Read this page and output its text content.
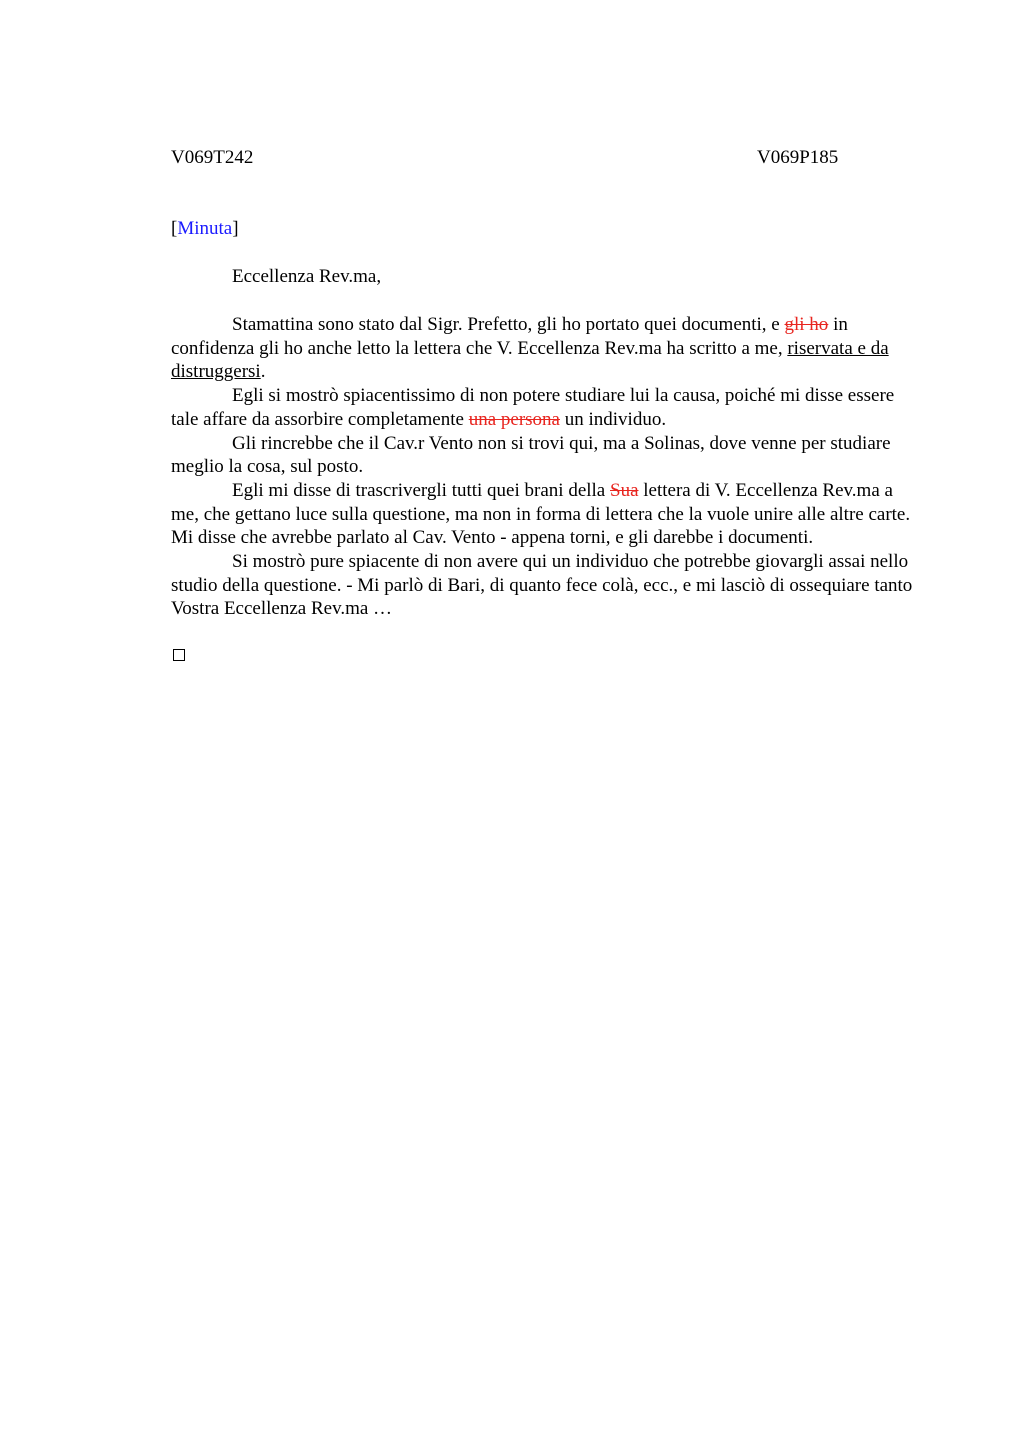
V069T242	V069P185
[Minuta]
Eccellenza Rev.ma,

Stamattina sono stato dal Sigr. Prefetto, gli ho portato quei documenti, e gli ho in confidenza gli ho anche letto la lettera che V. Eccellenza Rev.ma ha scritto a me, riservata e da distruggersi.

Egli si mostrò spiacentissimo di non potere studiare lui la causa, poiché mi disse essere tale affare da assorbire completamente una persona un individuo.

Gli rincrebbe che il Cav.r Vento non si trovi qui, ma a Solinas, dove venne per studiare meglio la cosa, sul posto.

Egli mi disse di trascrivergli tutti quei brani della Sua lettera di V. Eccellenza Rev.ma a me, che gettano luce sulla questione, ma non in forma di lettera che la vuole unire alle altre carte. Mi disse che avrebbe parlato al Cav. Vento - appena torni, e gli darebbe i documenti.

Si mostrò pure spiacente di non avere qui un individuo che potrebbe giovargli assai nello studio della questione. - Mi parlò di Bari, di quanto fece colà, ecc., e mi lasciò di ossequiare tanto Vostra Eccellenza Rev.ma …
